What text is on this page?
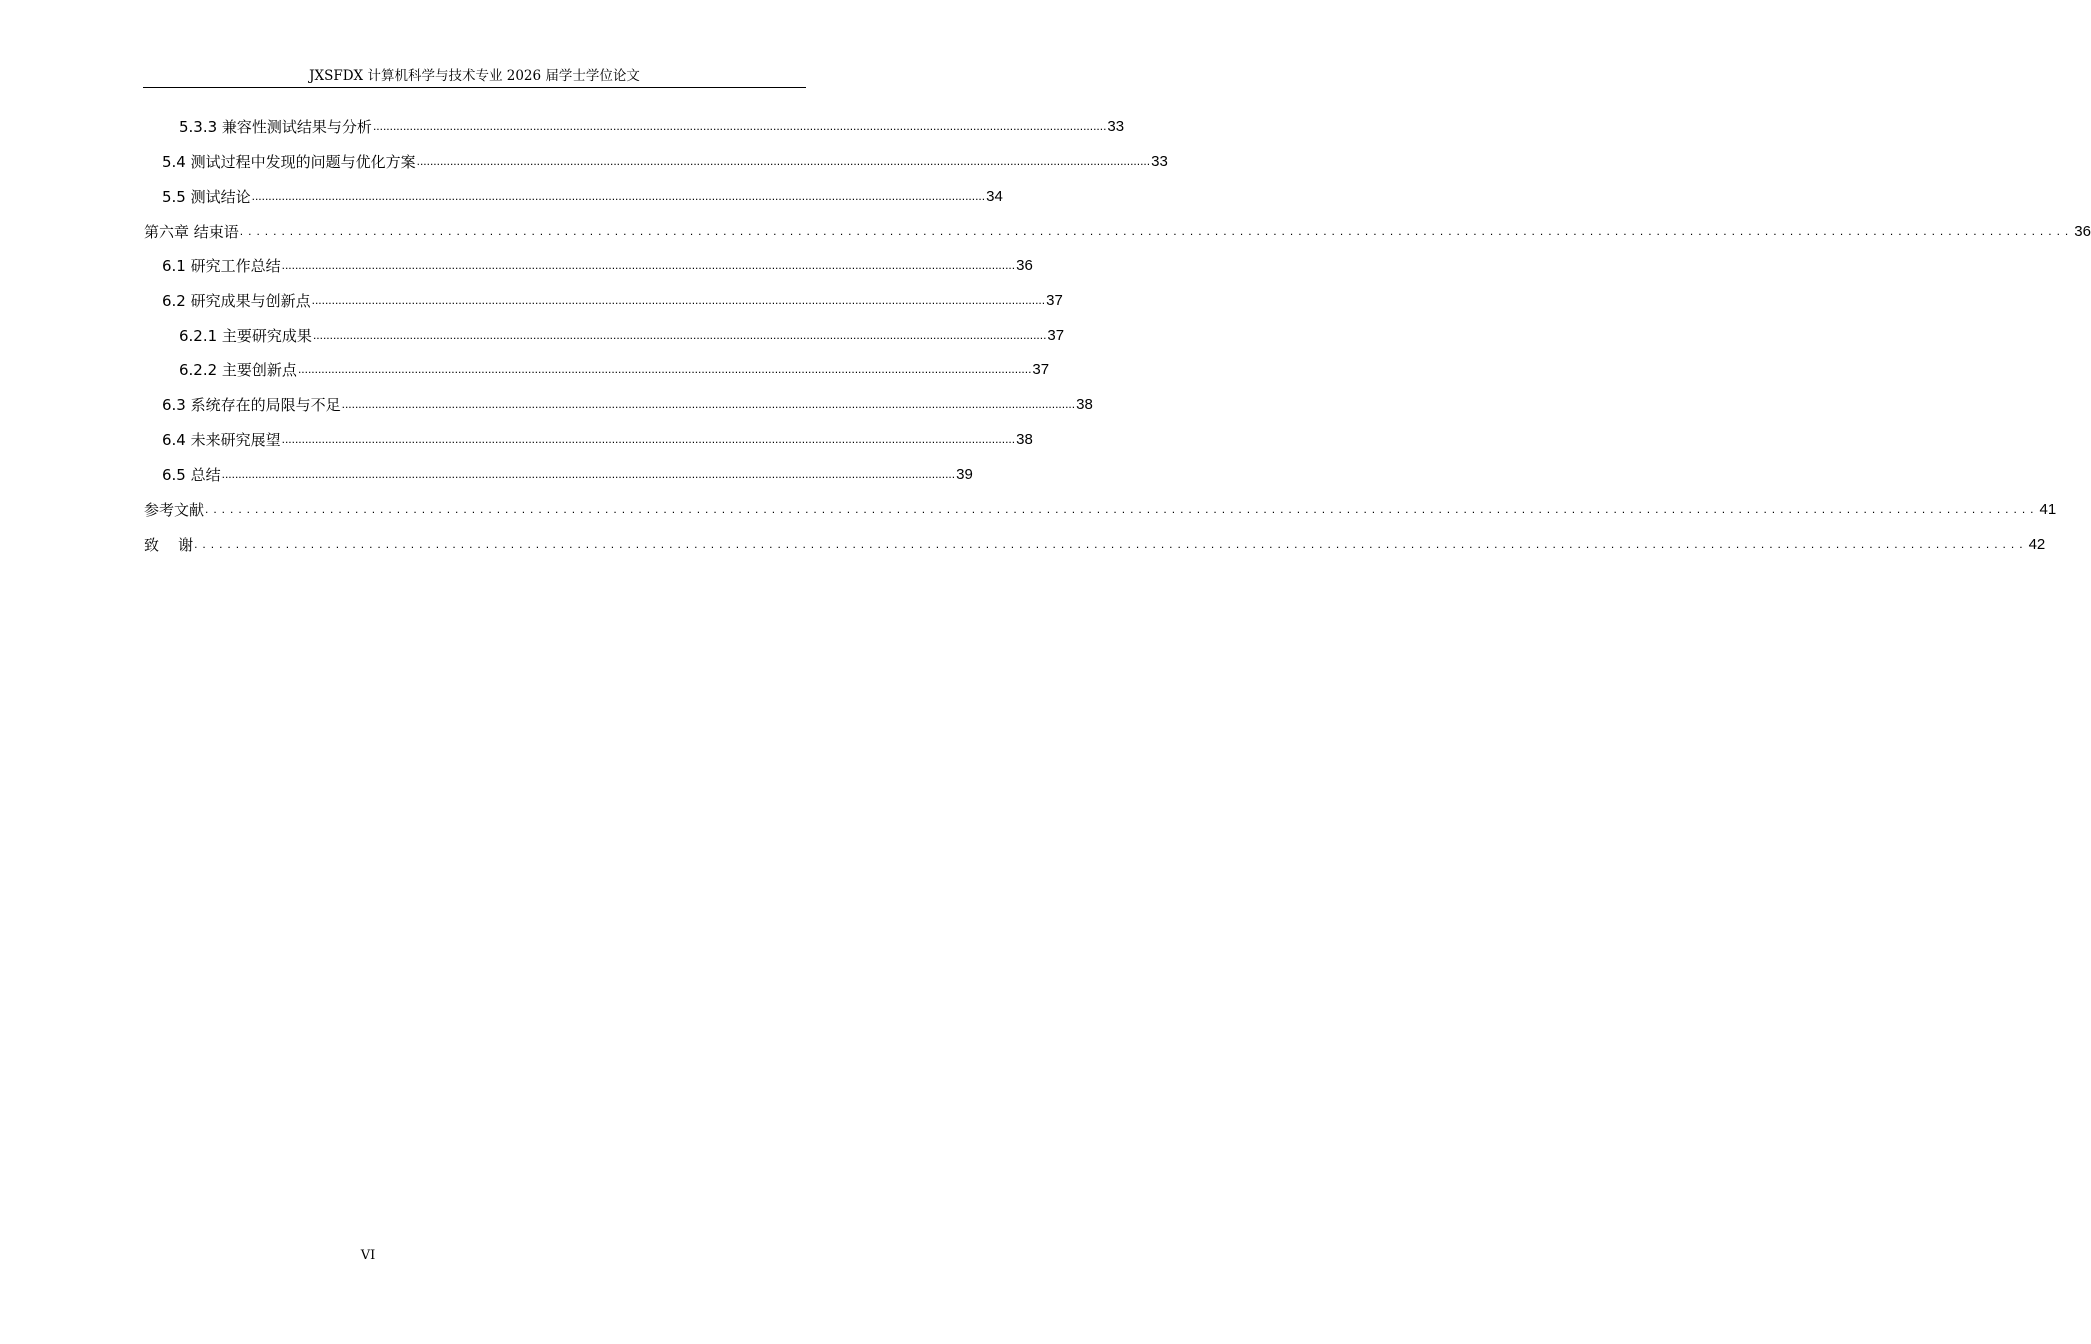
JXSFDX 计算机科学与技术专业 2026 届学士学位论文
5.3.3 兼容性测试结果与分析 ............................................................................................................................................................................................................................ 33
5.4 测试过程中发现的问题与优化方案 ............................................................................................................................................................................................................................ 33
5.5 测试结论 ............................................................................................................................................................................................................................ 34
第六章 结束语 ............................................................................................................................................................................................................................ 36
6.1 研究工作总结 ............................................................................................................................................................................................................................ 36
6.2 研究成果与创新点 ............................................................................................................................................................................................................................ 37
6.2.1 主要研究成果 ............................................................................................................................................................................................................................ 37
6.2.2 主要创新点 ............................................................................................................................................................................................................................ 37
6.3 系统存在的局限与不足 ............................................................................................................................................................................................................................ 38
6.4 未来研究展望 ............................................................................................................................................................................................................................ 38
6.5 总结 ............................................................................................................................................................................................................................ 39
参考文献 ............................................................................................................................................................................................................................ 41
致    谢 ............................................................................................................................................................................................................................ 42
VI
